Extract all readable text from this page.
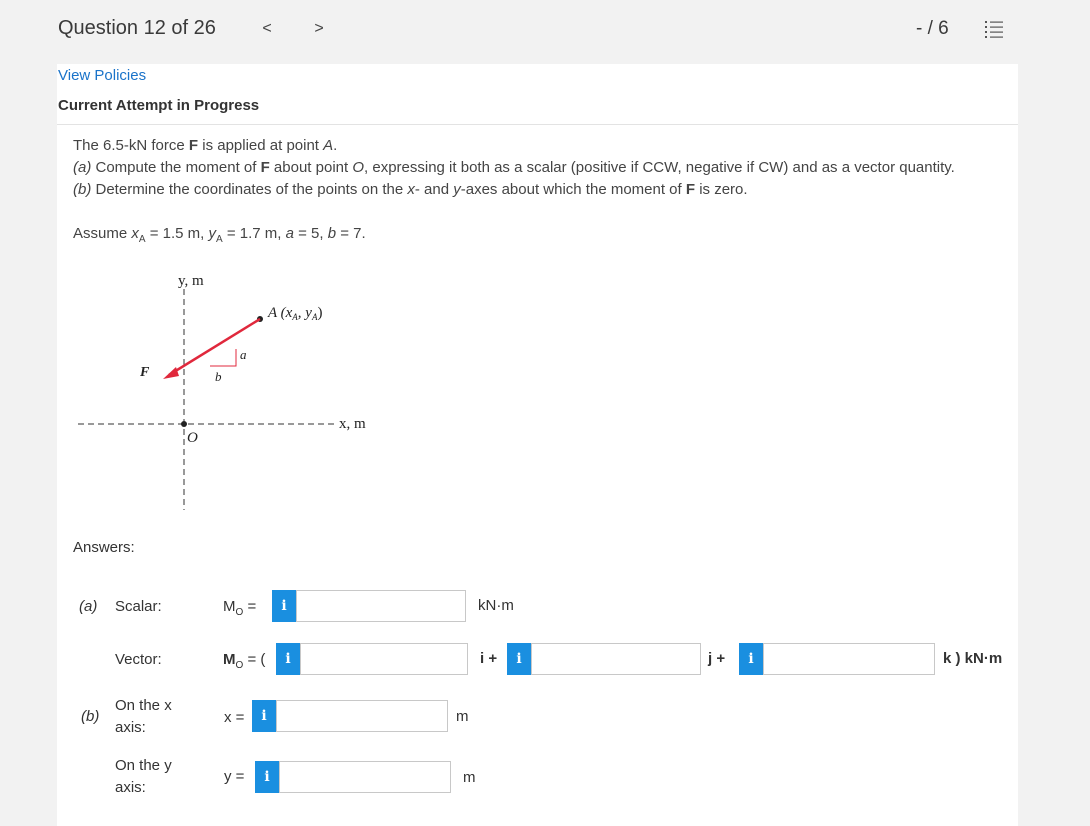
Question 12 of 26	<	>	- / 6
View Policies
Current Attempt in Progress
The 6.5-kN force F is applied at point A.
(a) Compute the moment of F about point O, expressing it both as a scalar (positive if CCW, negative if CW) and as a vector quantity.
(b) Determine the coordinates of the points on the x- and y-axes about which the moment of F is zero.
Assume $x_A = 1.5$ m, $y_A = 1.7$ m, a = 5, b = 7.
y, m
x, m
A ($x_A$, $y_A$)
F
O
a
b
Answers:
(a) Scalar:	$M_O$ =	i	kN·m
Vector:	$M_O$ = (	i	i +	i	j +	i	k ) kN·m
(b)
On the x
axis:
x =	i	m
On the y
axis:
y =	i	m
